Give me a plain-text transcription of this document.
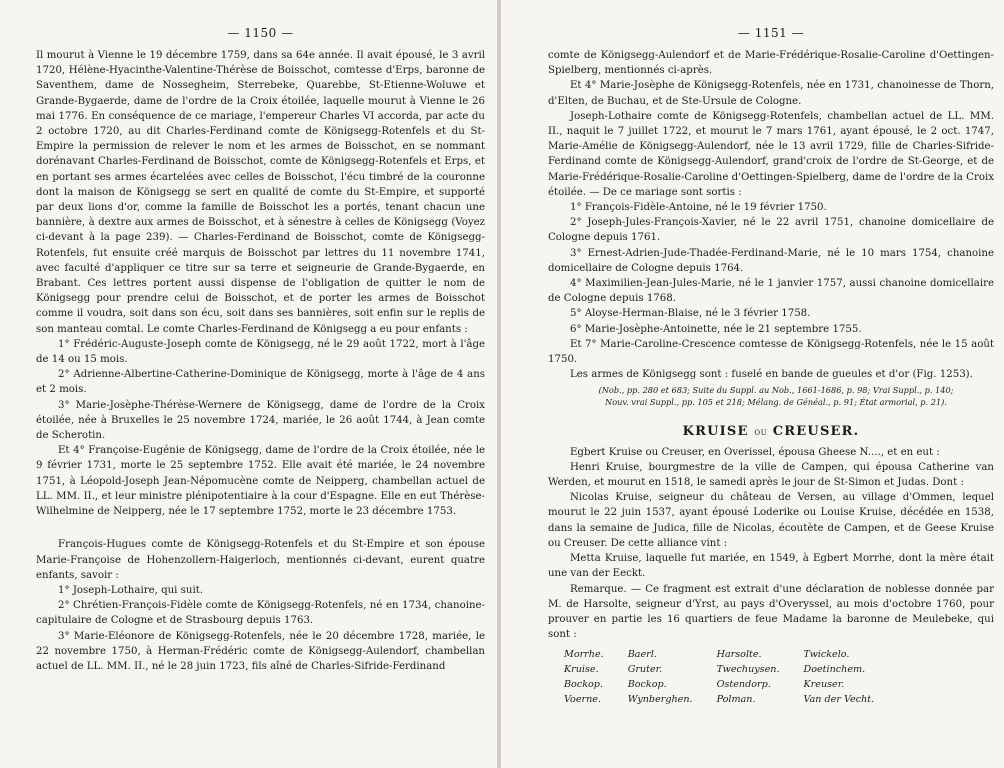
— 1150 —

Il mourut à Vienne le 19 décembre 1759, dans sa 64e année. Il avait épousé, le 3 avril 1720, Hélène-Hyacinthe-Valentine-Thérèse de Boisschot, comtesse d'Erps, baronne de Saventhem, dame de Nossegheim, Sterrebeke, Quarebbe, St-Etienne-Woluwe et Grande-Bygaerde, dame de l'ordre de la Croix étoilée, laquelle mourut à Vienne le 26 mai 1776. En conséquence de ce mariage, l'empereur Charles VI accorda, par acte du 2 octobre 1720, au dit Charles-Ferdinand comte de Königsegg-Rotenfels et du St-Empire la permission de relever le nom et les armes de Boisschot, en se nommant dorénavant Charles-Ferdinand de Boisschot, comte de Königsegg-Rotenfels et Erps, et en portant ses armes écartelées avec celles de Boisschot, l'écu timbré de la couronne dont la maison de Königsegg se sert en qualité de comte du St-Empire, et supporté par deux lions d'or, comme la famille de Boisschot les a portés, tenant chacun une bannière, à dextre aux armes de Boisschot, et à sénestre à celles de Königsegg (Voyez ci-devant à la page 239). — Charles-Ferdinand de Boisschot, comte de Königsegg-Rotenfels, fut ensuite créé marquis de Boisschot par lettres du 11 novembre 1741, avec faculté d'appliquer ce titre sur sa terre et seigneurie de Grande-Bygaerde, en Brabant. Ces lettres portent aussi dispense de l'obligation de quitter le nom de Königsegg pour prendre celui de Boisschot, et de porter les armes de Boisschot comme il voudra, soit dans son écu, soit dans ses bannières, soit enfin sur le replis de son manteau comtal. Le comte Charles-Ferdinand de Königsegg a eu pour enfants :

1° Frédéric-Auguste-Joseph comte de Königsegg, né le 29 août 1722, mort à l'âge de 14 ou 15 mois.

2° Adrienne-Albertine-Catherine-Dominique de Königsegg, morte à l'âge de 4 ans et 2 mois.

3° Marie-Josèphe-Thérèse-Wernere de Königsegg, dame de l'ordre de la Croix étoilée, née à Bruxelles le 25 novembre 1724, mariée, le 26 août 1744, à Jean comte de Scherotin.

Et 4° Françoise-Eugénie de Königsegg, dame de l'ordre de la Croix étoilée, née le 9 février 1731, morte le 25 septembre 1752. Elle avait été mariée, le 24 novembre 1751, à Léopold-Joseph Jean-Népomucène comte de Neipperg, chambellan actuel de LL. MM. II., et leur ministre plénipotentiaire à la cour d'Espagne. Elle en eut Thérèse-Wilhelmine de Neipperg, née le 17 septembre 1752, morte le 23 décembre 1753.

François-Hugues comte de Königsegg-Rotenfels et du St-Empire et son épouse Marie-Françoise de Hohenzollern-Haigerloch, mentionnés ci-devant, eurent quatre enfants, savoir :

1° Joseph-Lothaire, qui suit.

2° Chrétien-François-Fidèle comte de Königsegg-Rotenfels, né en 1734, chanoine-capitulaire de Cologne et de Strasbourg depuis 1763.

3° Marie-Eléonore de Königsegg-Rotenfels, née le 20 décembre 1728, mariée, le 22 novembre 1750, à Herman-Frédéric comte de Königsegg-Aulendorf, chambellan actuel de LL. MM. II., né le 28 juin 1723, fils aîné de Charles-Sifride-Ferdinand

— 1151 —

comte de Königsegg-Aulendorf et de Marie-Frédérique-Rosalie-Caroline d'Oettingen-Spielberg, mentionnés ci-après.

Et 4° Marie-Josèphe de Königsegg-Rotenfels, née en 1731, chanoinesse de Thorn, d'Elten, de Buchau, et de Ste-Ursule de Cologne.

Joseph-Lothaire comte de Königsegg-Rotenfels, chambellan actuel de LL. MM. II., naquit le 7 juillet 1722, et mourut le 7 mars 1761, ayant épousé, le 2 oct. 1747, Marie-Amélie de Königsegg-Aulendorf, née le 13 avril 1729, fille de Charles-Sifride-Ferdinand comte de Königsegg-Aulendorf, grand'croix de l'ordre de St-George, et de Marie-Frédérique-Rosalie-Caroline d'Oettingen-Spielberg, dame de l'ordre de la Croix étoilée. — De ce mariage sont sortis :

1° François-Fidèle-Antoine, né le 19 février 1750.

2° Joseph-Jules-François-Xavier, né le 22 avril 1751, chanoine domicellaire de Cologne depuis 1761.

3° Ernest-Adrien-Jude-Thadée-Ferdinand-Marie, né le 10 mars 1754, chanoine domicellaire de Cologne depuis 1764.

4° Maximilien-Jean-Jules-Marie, né le 1 janvier 1757, aussi chanoine domicellaire de Cologne depuis 1768.

5° Aloyse-Herman-Blaise, né le 3 février 1758.

6° Marie-Josèphe-Antoinette, née le 21 septembre 1755.

Et 7° Marie-Caroline-Crescence comtesse de Königsegg-Rotenfels, née le 15 août 1750.

Les armes de Königsegg sont : fuselé en bande de gueules et d'or (Fig. 1253).

(Nob., pp. 280 et 683; Suite du Suppl. au Nob., 1661-1686, p. 98; Vrai Suppl., p. 140;
Nouv. vrai Suppl., pp. 105 et 218; Mélang. de Généal., p. 91; État armorial, p. 21).
KRUISE ou CREUSER.

Egbert Kruise ou Creuser, en Overissel, épousa Gheese N...., et en eut :

Henri Kruise, bourgmestre de la ville de Campen, qui épousa Catherine van Werden, et mourut en 1518, le samedi après le jour de St-Simon et Judas. Dont :

Nicolas Kruise, seigneur du château de Versen, au village d'Ommen, lequel mourut le 22 juin 1537, ayant épousé Loderike ou Louise Kruise, décédée en 1538, dans la semaine de Judica, fille de Nicolas, écoutète de Campen, et de Geese Kruise ou Creuser. De cette alliance vint :

Metta Kruise, laquelle fut mariée, en 1549, à Egbert Morrhe, dont la mère était une van der Eeckt.

Remarque. — Ce fragment est extrait d'une déclaration de noblesse donnée par M. de Harsolte, seigneur d'Yrst, au pays d'Overyssel, au mois d'octobre 1760, pour prouver en partie les 16 quartiers de feue Madame la baronne de Meulebeke, qui sont :

Morrhe.	Baerl.	Harsolte.	Twickelo.
Kruise.	Gruter.	Twechuysen.	Doetinchem.
Bockop.	Bockop.	Ostendorp.	Kreuser.
Voerne.	Wynberghen.	Polman.	Van der Vecht.
